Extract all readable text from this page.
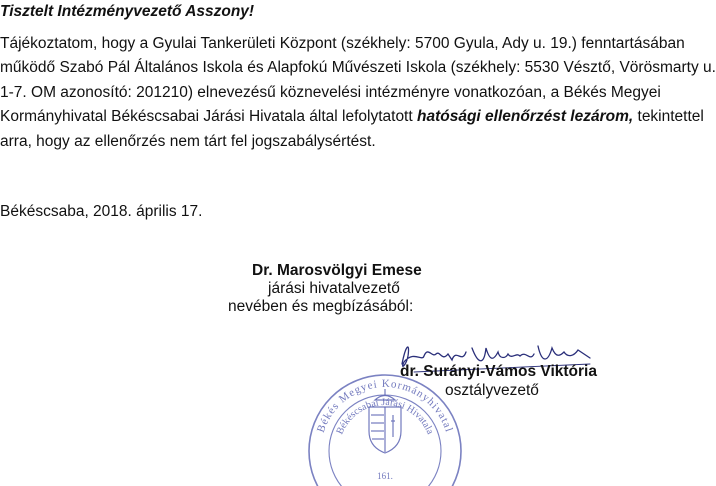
Tisztelt Intézményvezető Asszony!

Tájékoztatom, hogy a Gyulai Tankerületi Központ (székhely: 5700 Gyula, Ady u. 19.) fenntartásában

működő Szabó Pál Általános Iskola és Alapfokú Művészeti Iskola (székhely: 5530 Vésztő, Vörösmarty u.

1-7. OM azonosító: 201210) elnevezésű köznevelési intézményre vonatkozóan, a Békés Megyei

Kormányhivatal Békéscsabai Járási Hivatala által lefolytatott hatósági ellenőrzést lezárom, tekintettel

arra, hogy az ellenőrzés nem tárt fel jogszabálysértést.

Békéscsaba, 2018. április 17.
Dr. Marosvölgyi Emese
járási hivatalvezető
nevében és megbízásából:
Békés Megyei Kormányhivatal
Békéscsabai Járási Hivatala
161.
dr. Surányi-Vámos Viktória
osztályvezető
